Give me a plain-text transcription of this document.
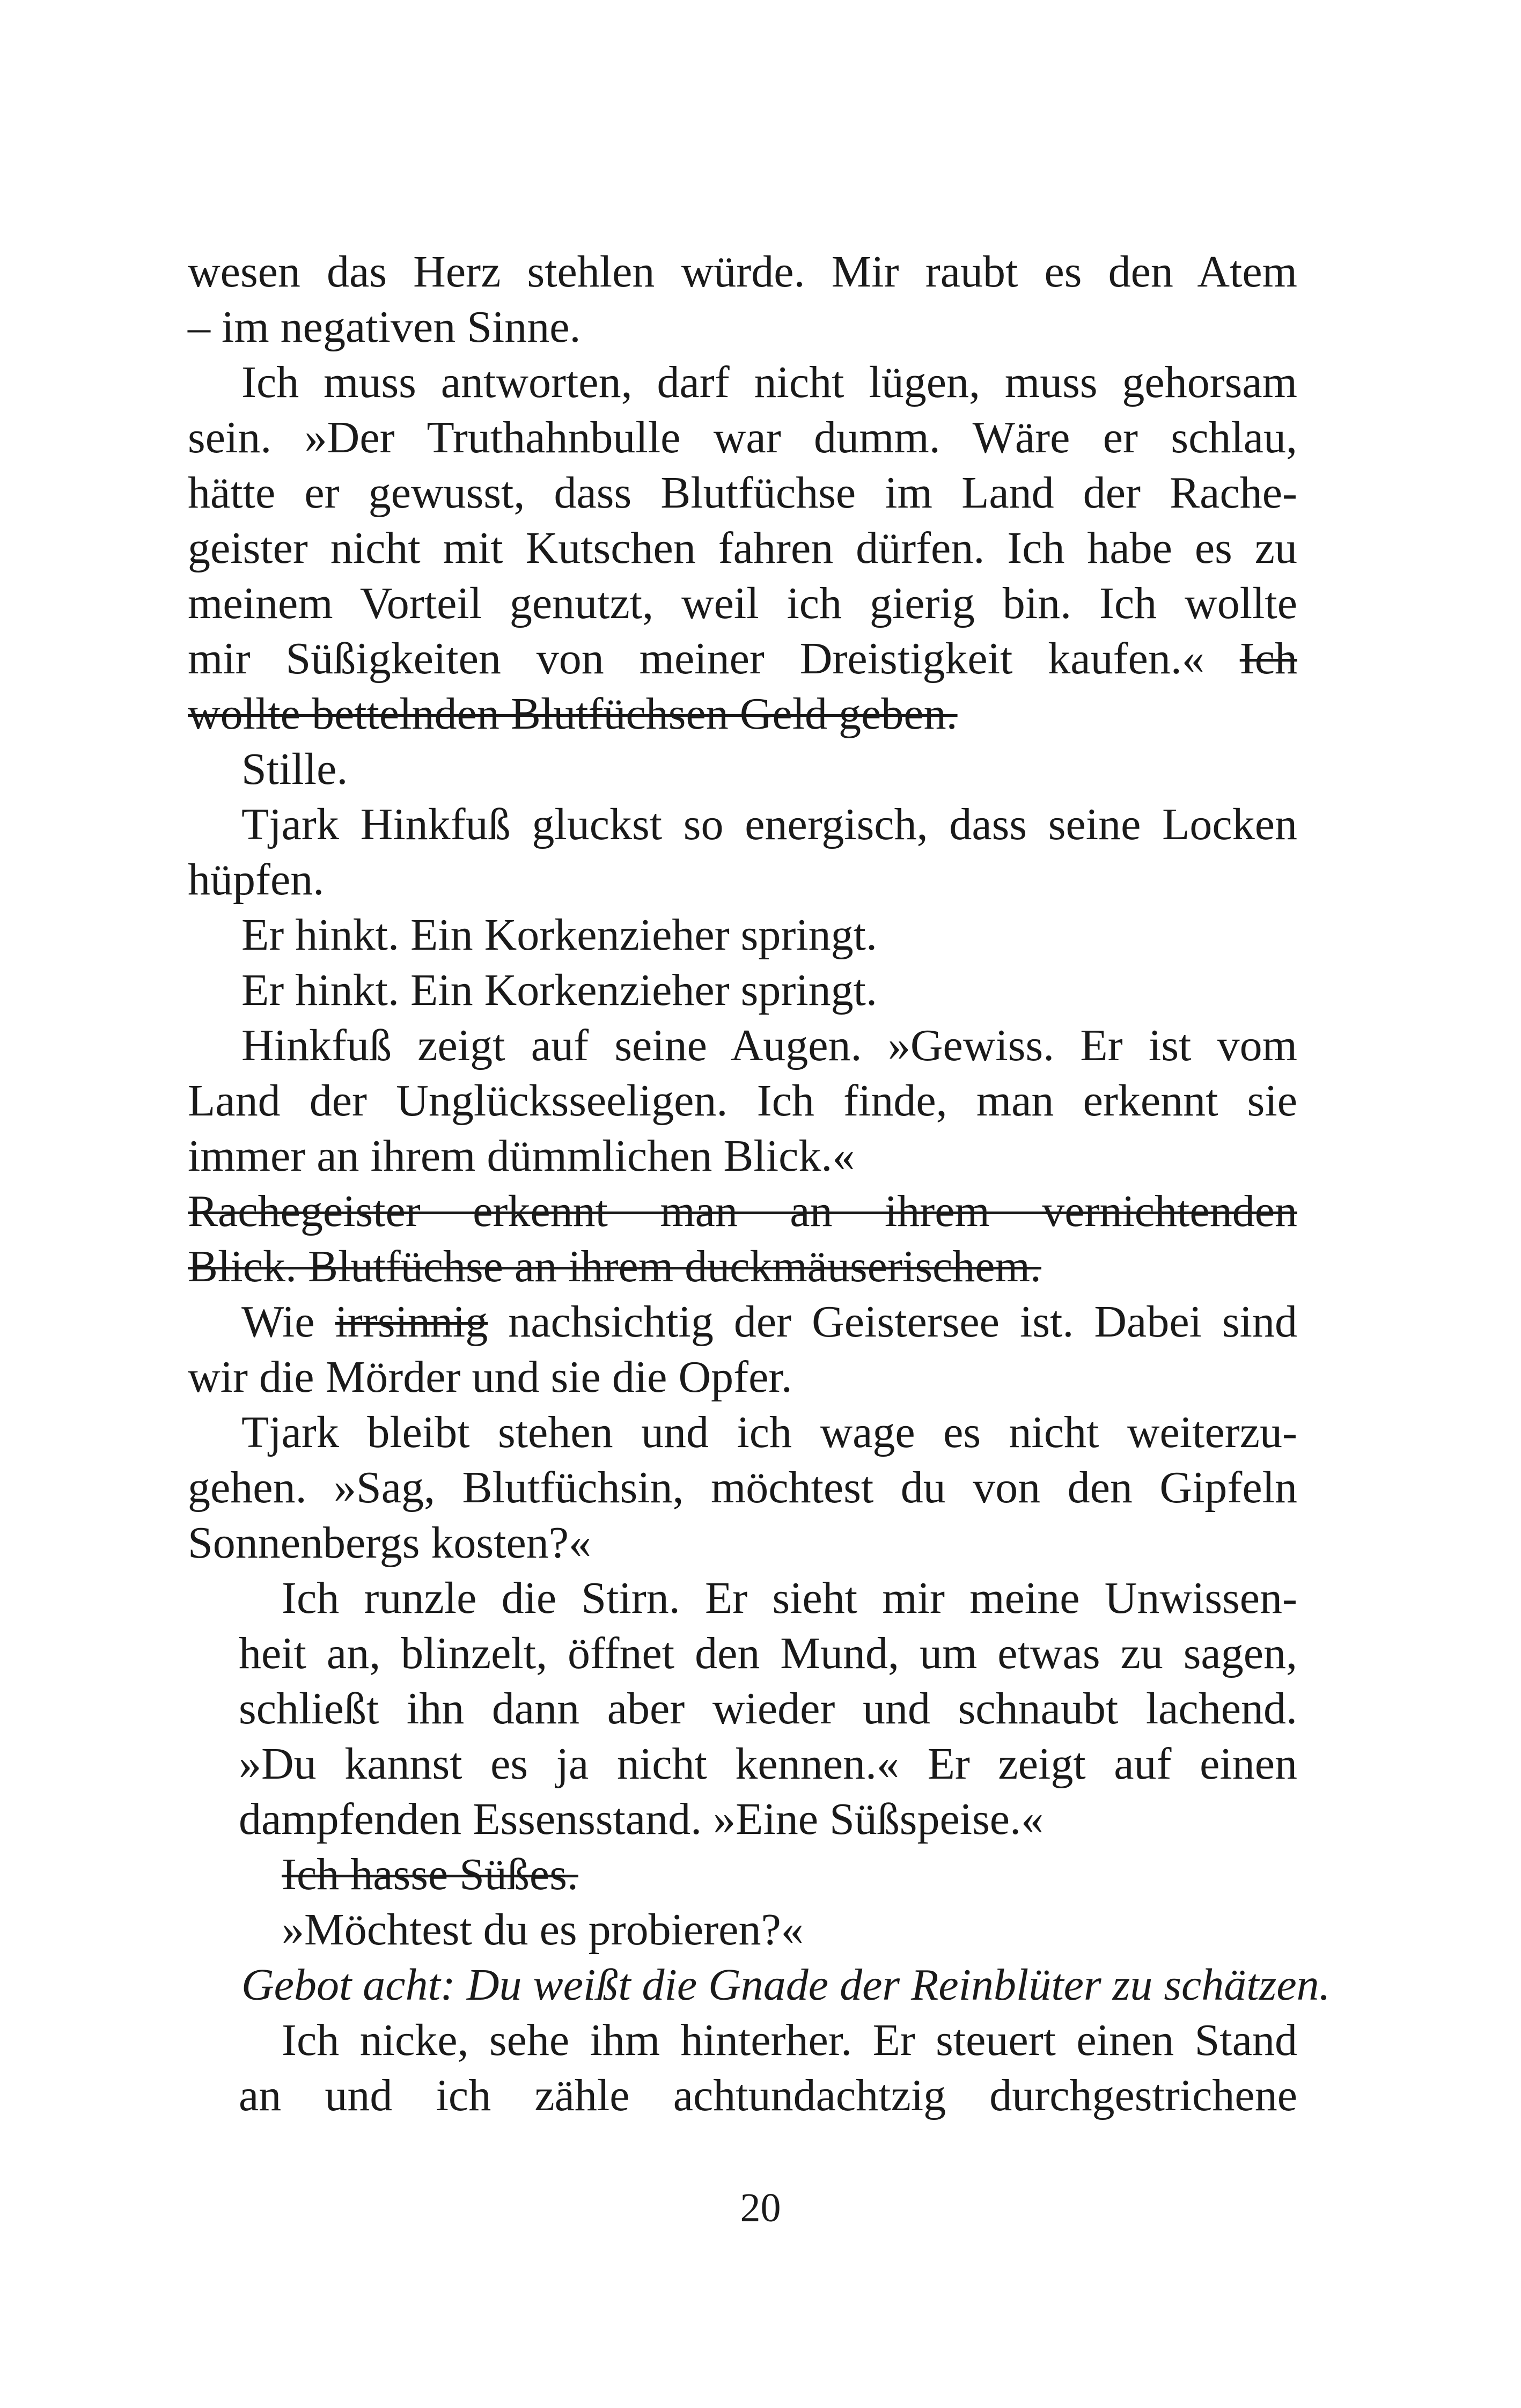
wesen das Herz stehlen würde. Mir raubt es den Atem
– im negativen Sinne.
Ich muss antworten, darf nicht lügen, muss gehorsam
sein. »Der Truthahnbulle war dumm. Wäre er schlau,
hätte er gewusst, dass Blutfüchse im Land der Rache-
geister nicht mit Kutschen fahren dürfen. Ich habe es zu
meinem Vorteil genutzt, weil ich gierig bin. Ich wollte
mir Süßigkeiten von meiner Dreistigkeit kaufen.« Ich
wollte bettelnden Blutfüchsen Geld geben.
Stille.
Tjark Hinkfuß gluckst so energisch, dass seine Locken
hüpfen.
Er hinkt. Ein Korkenzieher springt.
Er hinkt. Ein Korkenzieher springt.
Hinkfuß zeigt auf seine Augen. »Gewiss. Er ist vom
Land der Unglücksseeligen. Ich finde, man erkennt sie
immer an ihrem dümmlichen Blick.«
Rachegeister erkennt man an ihrem vernichtenden
Blick. Blutfüchse an ihrem duckmäuserischem.
Wie irrsinnig nachsichtig der Geistersee ist. Dabei sind
wir die Mörder und sie die Opfer.
Tjark bleibt stehen und ich wage es nicht weiterzu-
gehen. »Sag, Blutfüchsin, möchtest du von den Gipfeln
Sonnenbergs kosten?«
Ich runzle die Stirn. Er sieht mir meine Unwissen-
heit an, blinzelt, öffnet den Mund, um etwas zu sagen,
schließt ihn dann aber wieder und schnaubt lachend.
»Du kannst es ja nicht kennen.« Er zeigt auf einen
dampfenden Essensstand. »Eine Süßspeise.«
Ich hasse Süßes.
»Möchtest du es probieren?«
Gebot acht: Du weißt die Gnade der Reinblüter zu schätzen.
Ich nicke, sehe ihm hinterher. Er steuert einen Stand
an und ich zähle achtundachtzig durchgestrichene
20
